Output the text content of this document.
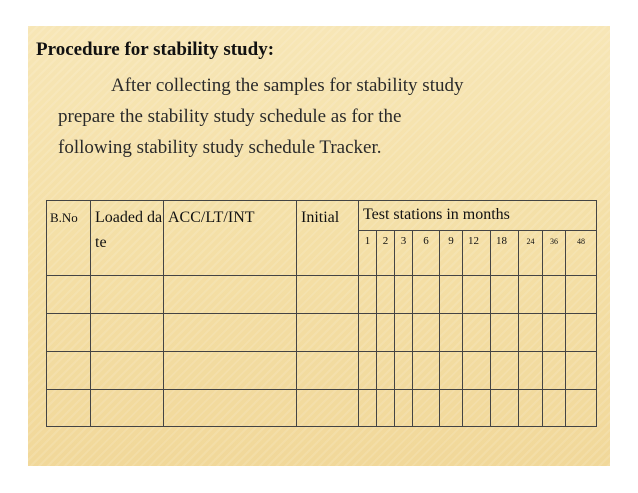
Procedure for stability study:
After collecting the samples for stability study
prepare the stability study schedule as for the
following stability study schedule Tracker.
B.No	Loaded date	ACC/LT/INT	Initial	Test stations in months									
				1	2	3	6	9	12	18	24	36	48
